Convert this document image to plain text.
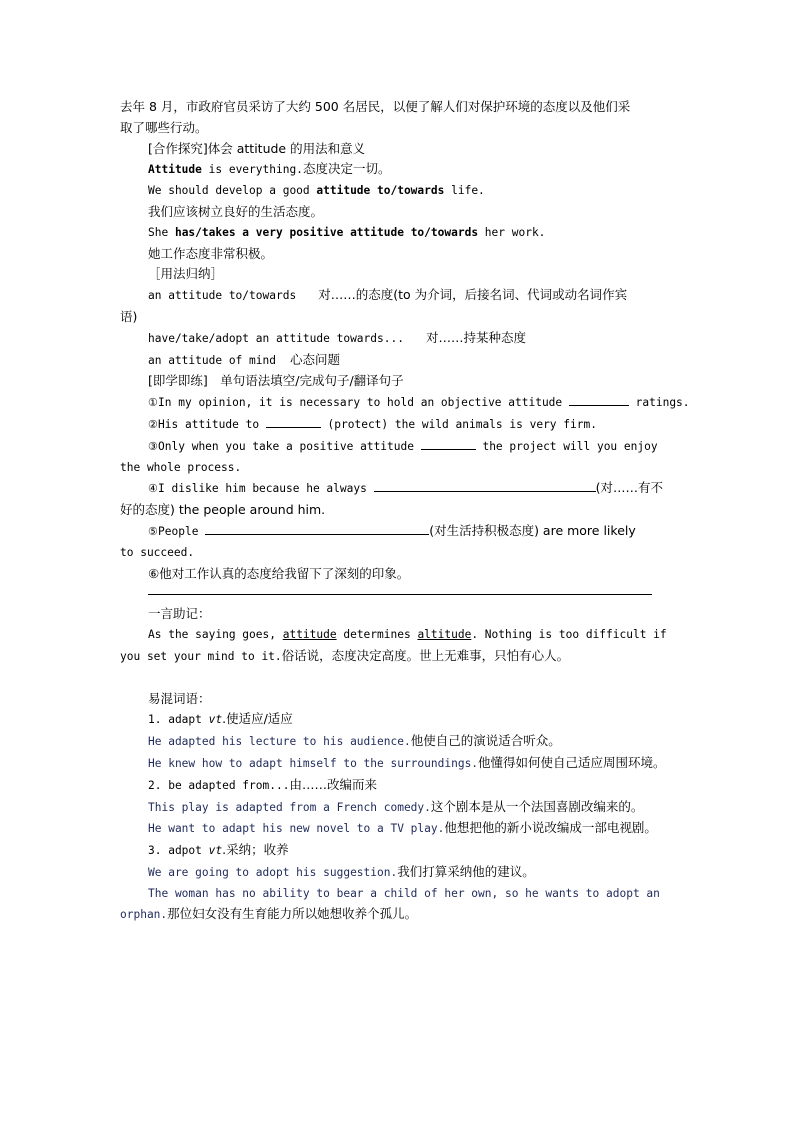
去年 8 月，市政府官员采访了大约 500 名居民，以便了解人们对保护环境的态度以及他们采
取了哪些行动。
[合作探究]体会 attitude 的用法和意义
Attitude is everything.态度决定一切。
We should develop a good attitude to/towards life.
我们应该树立良好的生活态度。
She has/takes a very positive attitude to/towards her work.
她工作态度非常积极。
［用法归纳］
an attitude to/towards 对……的态度(to 为介词，后接名词、代词或动名词作宾
语)
have/take/adopt an attitude towards... 对……持某种态度
an attitude of mind 心态问题
[即学即练]　单句语法填空/完成句子/翻译句子
①In my opinion, it is necessary to hold an objective attitude	ratings.
②His attitude to	(protect) the wild animals is very firm.
③Only when you take a positive attitude	the project will you enjoy
the whole process.
④I dislike him because he always	(对……有不
好的态度) the people around him.
⑤People	(对生活持积极态度) are more likely
to succeed.
⑥他对工作认真的态度给我留下了深刻的印象。
一言助记：
As the saying goes, attitude determines altitude. Nothing is too difficult if
you set your mind to it.俗话说，态度决定高度。世上无难事，只怕有心人。
易混词语：
1. adapt vt.使适应/适应
He adapted his lecture to his audience.他使自己的演说适合听众。
He knew how to adapt himself to the surroundings.他懂得如何使自己适应周围环境。
2. be adapted from...由……改编而来
This play is adapted from a French comedy.这个剧本是从一个法国喜剧改编来的。
He want to adapt his new novel to a TV play.他想把他的新小说改编成一部电视剧。
3. adpot vt.采纳；收养
We are going to adopt his suggestion.我们打算采纳他的建议。
The woman has no ability to bear a child of her own, so he wants to adopt an
orphan.那位妇女没有生育能力所以她想收养个孤儿。
